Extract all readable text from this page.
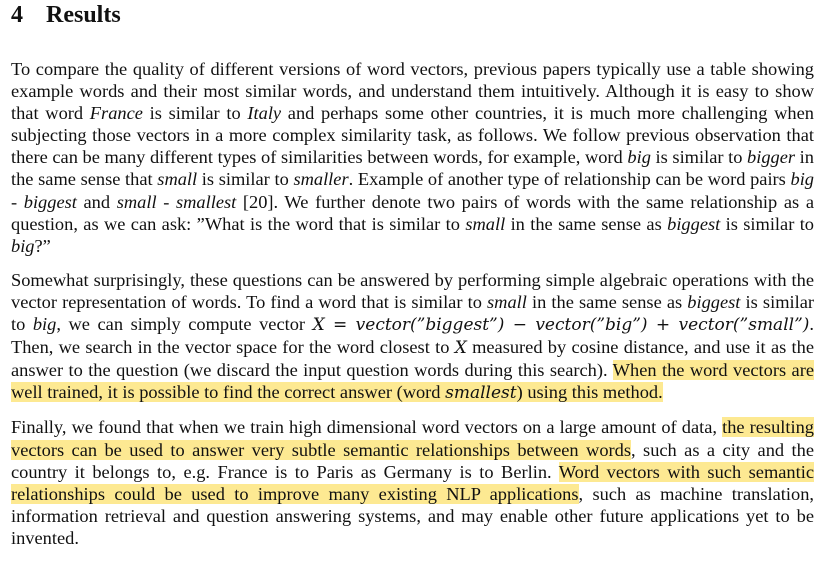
4 Results

To compare the quality of different versions of word vectors, previous papers typically use a table showing example words and their most similar words, and understand them intuitively. Although it is easy to show that word France is similar to Italy and perhaps some other countries, it is much more challenging when subjecting those vectors in a more complex similarity task, as follows. We follow previous observation that there can be many different types of similarities between words, for example, word big is similar to bigger in the same sense that small is similar to smaller. Example of another type of relationship can be word pairs big - biggest and small - smallest [20]. We further denote two pairs of words with the same relationship as a question, as we can ask: ”What is the word that is similar to small in the same sense as biggest is similar to big?”

Somewhat surprisingly, these questions can be answered by performing simple algebraic operations with the vector representation of words. To find a word that is similar to small in the same sense as biggest is similar to big, we can simply compute vector X = vector(”biggest”) − vector(”big”) + vector(”small”). Then, we search in the vector space for the word closest to X measured by cosine distance, and use it as the answer to the question (we discard the input question words during this search). When the word vectors are well trained, it is possible to find the correct answer (word smallest) using this method.

Finally, we found that when we train high dimensional word vectors on a large amount of data, the resulting vectors can be used to answer very subtle semantic relationships between words, such as a city and the country it belongs to, e.g. France is to Paris as Germany is to Berlin. Word vectors with such semantic relationships could be used to improve many existing NLP applications, such as machine translation, information retrieval and question answering systems, and may enable other future applications yet to be invented.
